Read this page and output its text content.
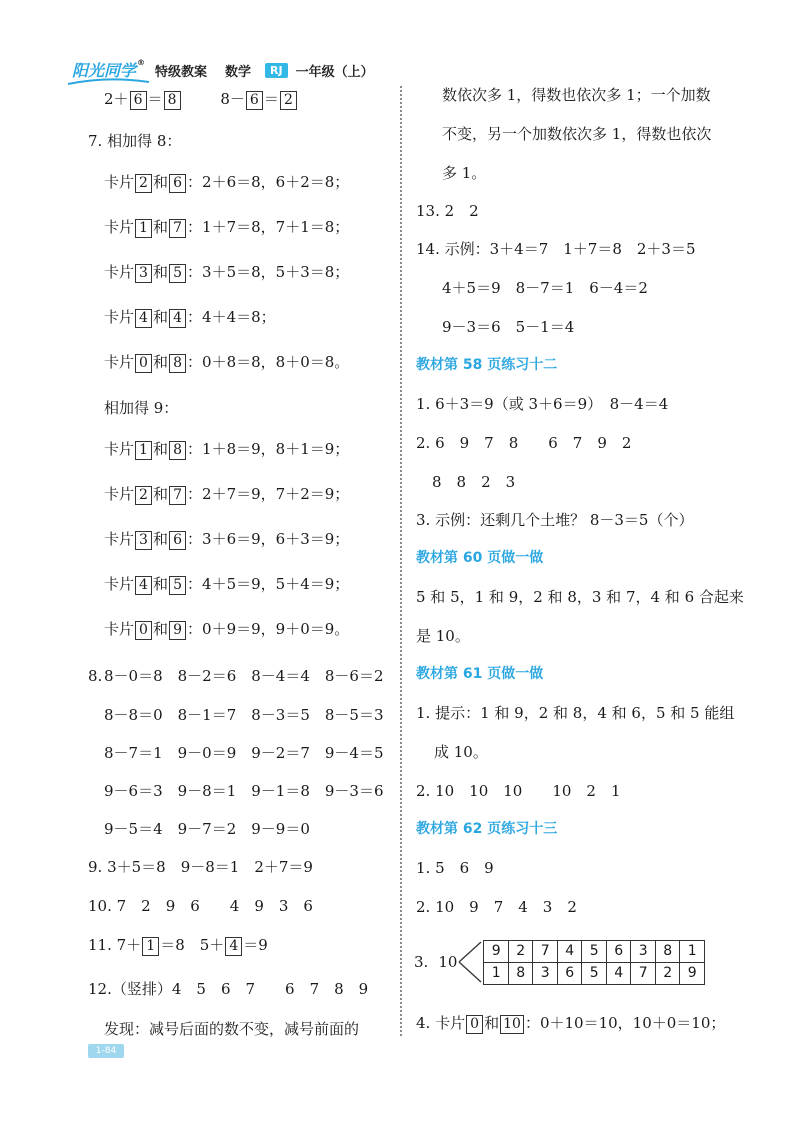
阳光同学®
特级教案 数学	RJ	一年级（上）
2＋ 6 ＝ 8	8－ 6 ＝ 2
7. 相加得 8：
卡片 2 和 6 ：2＋6＝8，6＋2＝8；
卡片 1 和 7 ：1＋7＝8，7＋1＝8；
卡片 3 和 5 ：3＋5＝8，5＋3＝8；
卡片 4 和 4 ：4＋4＝8；
卡片 0 和 8 ：0＋8＝8，8＋0＝8。
相加得 9：
卡片 1 和 8 ：1＋8＝9，8＋1＝9；
卡片 2 和 7 ：2＋7＝9，7＋2＝9；
卡片 3 和 6 ：3＋6＝9，6＋3＝9；
卡片 4 和 5 ：4＋5＝9，5＋4＝9；
卡片 0 和 9 ：0＋9＝9，9＋0＝9。
8. 8－0＝8　8－2＝6　8－4＝4　8－6＝2
8－8＝0　8－1＝7　8－3＝5　8－5＝3
8－7＝1　9－0＝9　9－2＝7　9－4＝5
9－6＝3　9－8＝1　9－1＝8　9－3＝6
9－5＝4　9－7＝2　9－9＝0
9. 3＋5＝8　9－8＝1　2＋7＝9
10. 7　2　9　6　　4　9　3　6
11. 7＋ 1 ＝8　5＋ 4 ＝9
12.（竖排）4　5　6　7　　6　7　8　9
发现：减号后面的数不变，减号前面的
数依次多 1，得数也依次多 1；一个加数
不变，另一个加数依次多 1，得数也依次
多 1。
13. 2　2
14. 示例：3＋4＝7　1＋7＝8　2＋3＝5
4＋5＝9　8－7＝1　6－4＝2
9－3＝6　5－1＝4
教材第 58 页练习十二
1. 6＋3＝9（或 3＋6＝9）　8－4＝4
2. 6　9　7　8　　6　7　9　2
8　8　2　3
3. 示例：还剩几个土堆？ 8－3＝5（个）
教材第 60 页做一做
5 和 5，1 和 9，2 和 8，3 和 7，4 和 6 合起来
是 10。
教材第 61 页做一做
1. 提示：1 和 9，2 和 8，4 和 6，5 和 5 能组
成 10。
2. 10　10　10　　10　2　1
教材第 62 页练习十三
1. 5　6　9
2. 10　9　7　4　3　2
3. 10
9	2	7	4	5	6	3	8	1
1	8	3	6	5	4	7	2	9
4. 卡片 0 和 10 ：0＋10＝10，10＋0＝10；
1-84
